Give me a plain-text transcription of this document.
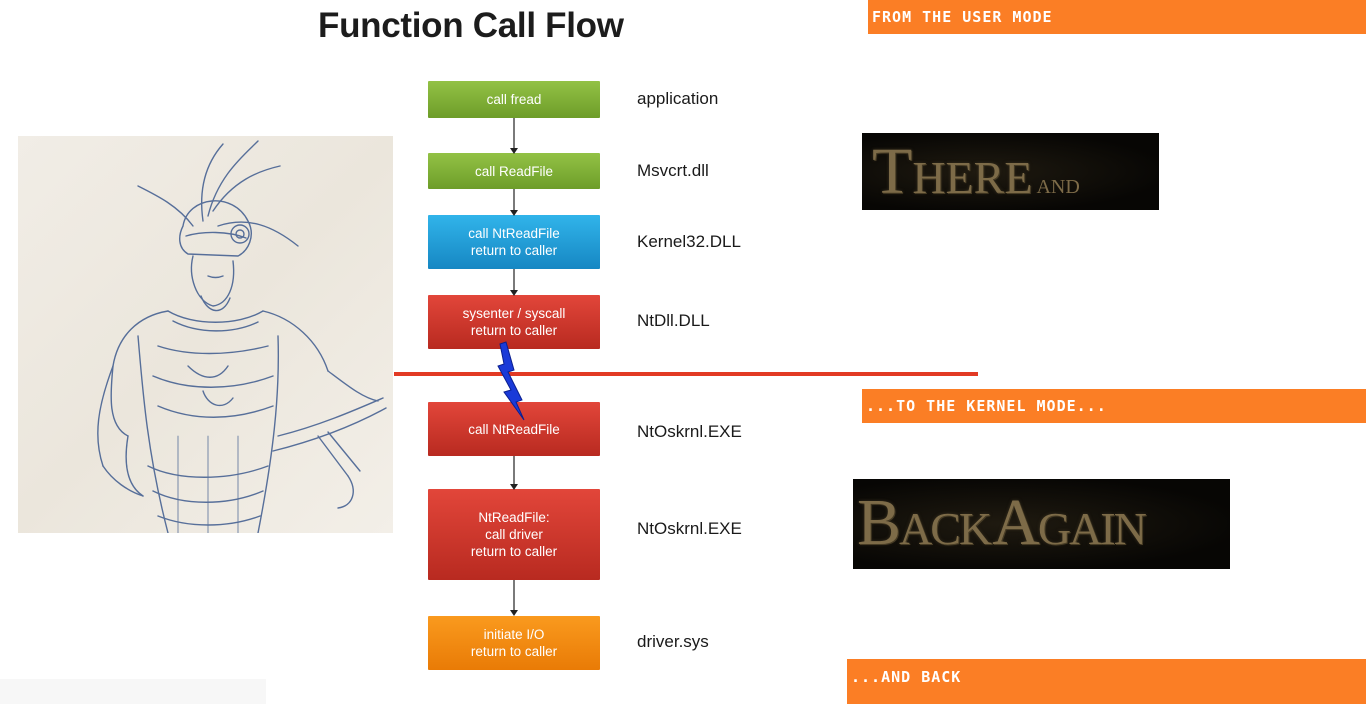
Function Call Flow	FROM THE USER MODE
...TO THE KERNEL MODE...
...AND BACK
call fread
call ReadFile
call NtReadFile
return to caller
sysenter / syscall
return to caller
call NtReadFile
NtReadFile:
call driver
return to caller
initiate I/O
return to caller
application
Msvcrt.dll
Kernel32.DLL
NtDll.DLL
NtOskrnl.EXE
NtOskrnl.EXE
driver.sys
THERE AND
BACK AGAIN
